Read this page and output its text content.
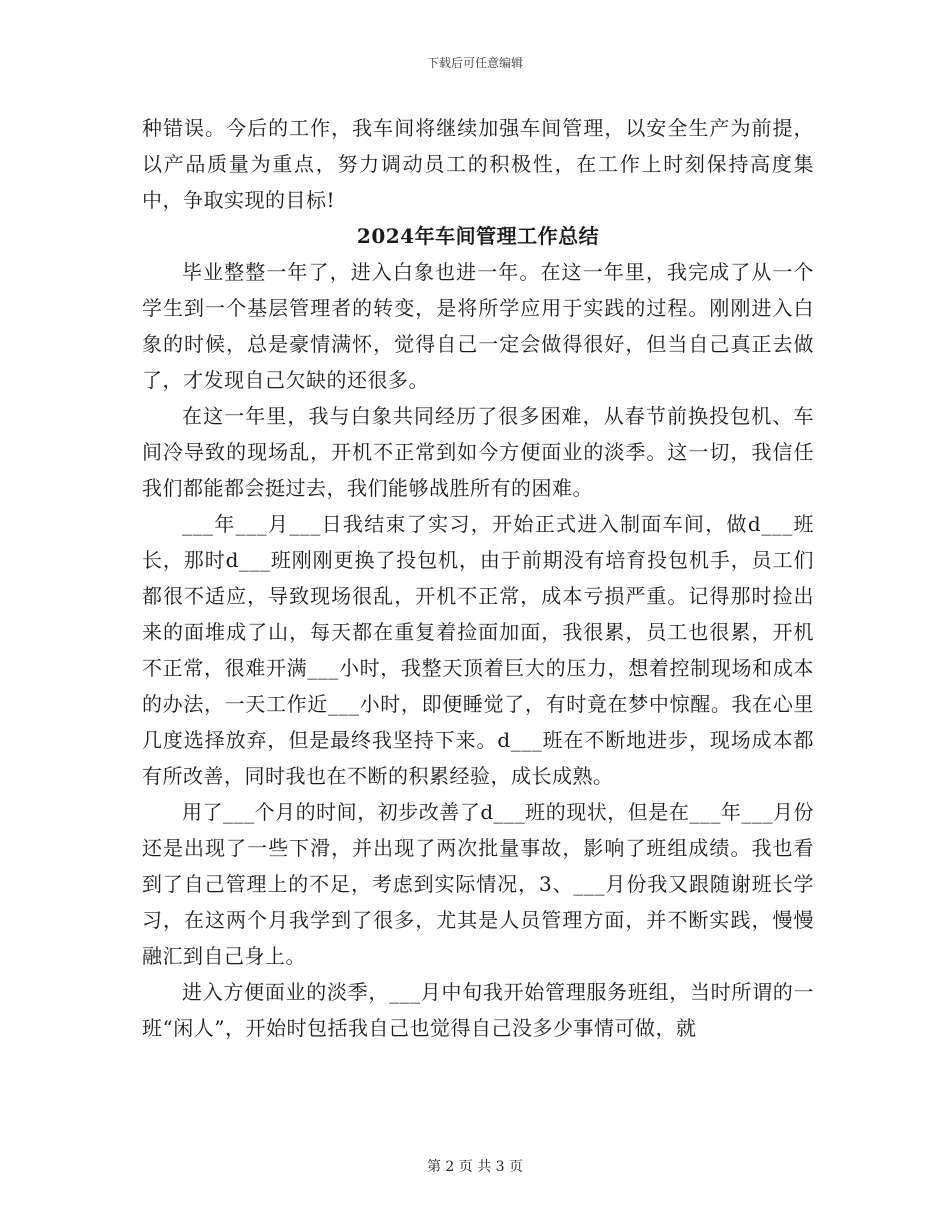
下载后可任意编辑

种错误。今后的工作，我车间将继续加强车间管理，以安全生产为前提，以产品质量为重点，努力调动员工的积极性，在工作上时刻保持高度集中，争取实现的目标!

2024年车间管理工作总结

毕业整整一年了，进入白象也进一年。在这一年里，我完成了从一个学生到一个基层管理者的转变，是将所学应用于实践的过程。刚刚进入白象的时候，总是豪情满怀，觉得自己一定会做得很好，但当自己真正去做了，才发现自己欠缺的还很多。

在这一年里，我与白象共同经历了很多困难，从春节前换投包机、车间冷导致的现场乱，开机不正常到如今方便面业的淡季。这一切，我信任我们都能都会挺过去，我们能够战胜所有的困难。

___年___月___日我结束了实习，开始正式进入制面车间，做d___班长，那时d___班刚刚更换了投包机，由于前期没有培育投包机手，员工们都很不适应，导致现场很乱，开机不正常，成本亏损严重。记得那时捡出来的面堆成了山，每天都在重复着捡面加面，我很累，员工也很累，开机不正常，很难开满___小时，我整天顶着巨大的压力，想着控制现场和成本的办法，一天工作近___小时，即便睡觉了，有时竟在梦中惊醒。我在心里几度选择放弃，但是最终我坚持下来。d___班在不断地进步，现场成本都有所改善，同时我也在不断的积累经验，成长成熟。

用了___个月的时间，初步改善了d___班的现状，但是在___年___月份还是出现了一些下滑，并出现了两次批量事故，影响了班组成绩。我也看到了自己管理上的不足，考虑到实际情况，3、___月份我又跟随谢班长学习，在这两个月我学到了很多，尤其是人员管理方面，并不断实践，慢慢融汇到自己身上。

进入方便面业的淡季，___月中旬我开始管理服务班组，当时所谓的一班“闲人”，开始时包括我自己也觉得自己没多少事情可做，就

第 2 页 共 3 页
